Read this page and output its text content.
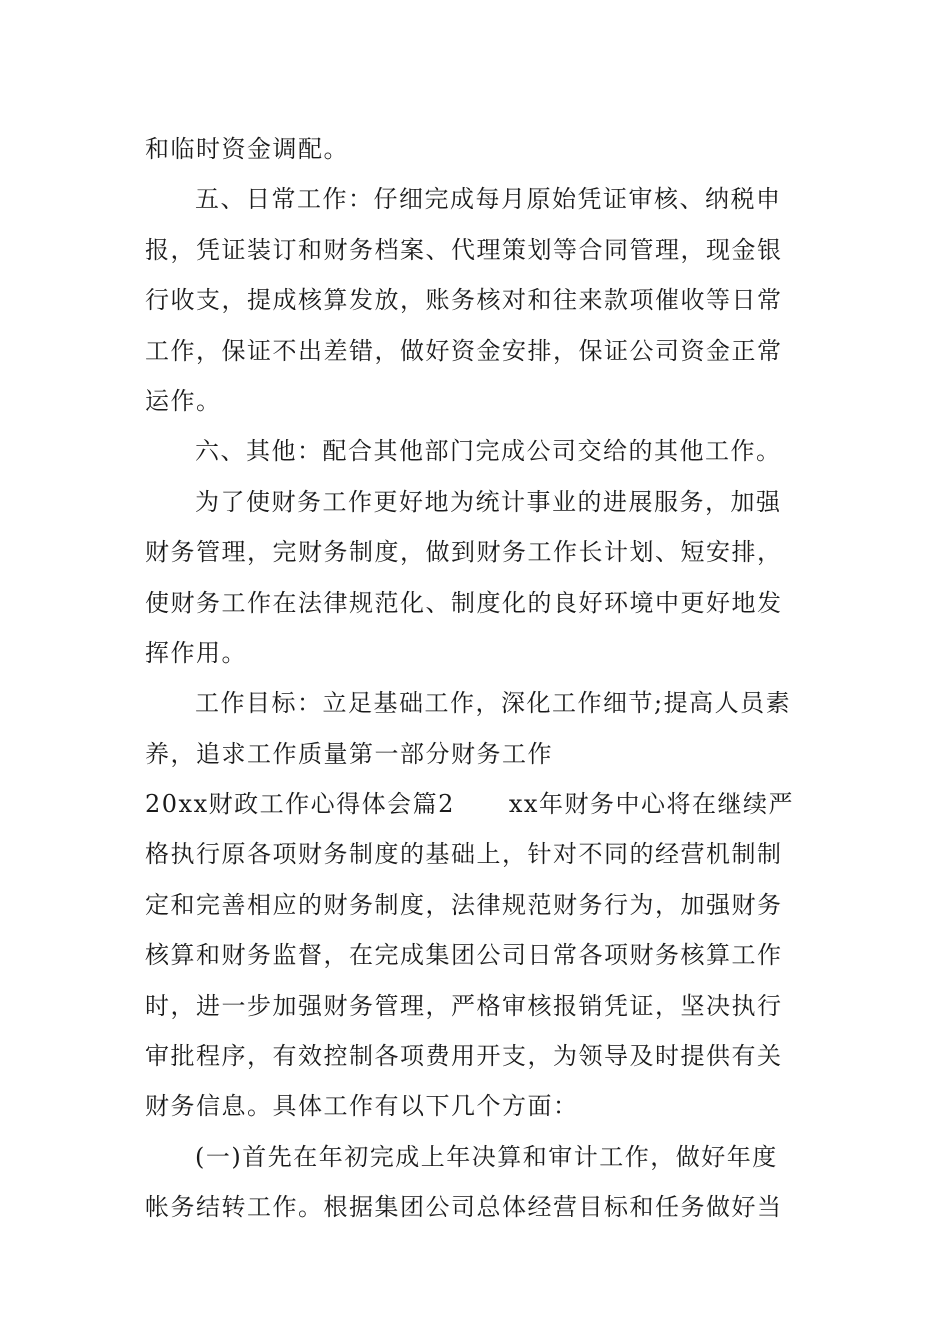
和临时资金调配。
五、日常工作：仔细完成每月原始凭证审核、纳税申
报，凭证装订和财务档案、代理策划等合同管理，现金银
行收支，提成核算发放，账务核对和往来款项催收等日常
工作，保证不出差错，做好资金安排，保证公司资金正常
运作。
六、其他：配合其他部门完成公司交给的其他工作。
为了使财务工作更好地为统计事业的进展服务，加强
财务管理，完财务制度，做到财务工作长计划、短安排，
使财务工作在法律规范化、制度化的良好环境中更好地发
挥作用。
工作目标：立足基础工作，深化工作细节;提高人员素
养，追求工作质量第一部分财务工作
20xx财政工作心得体会篇2 xx年财务中心将在继续严
格执行原各项财务制度的基础上，针对不同的经营机制制
定和完善相应的财务制度，法律规范财务行为，加强财务
核算和财务监督，在完成集团公司日常各项财务核算工作
时，进一步加强财务管理，严格审核报销凭证，坚决执行
审批程序，有效控制各项费用开支，为领导及时提供有关
财务信息。具体工作有以下几个方面：
(一)首先在年初完成上年决算和审计工作，做好年度
帐务结转工作。根据集团公司总体经营目标和任务做好当
